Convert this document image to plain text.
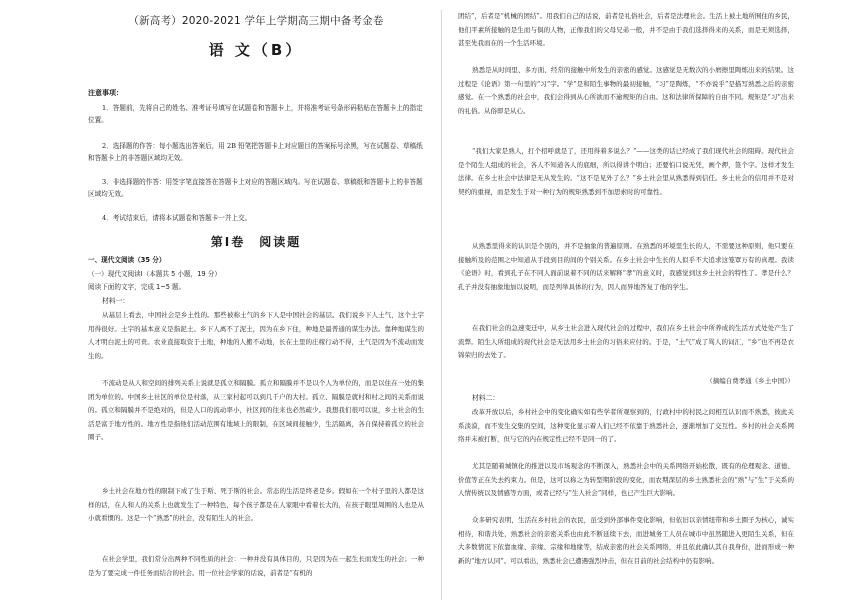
（新高考）2020-2021 学年上学期高三期中备考金卷
语 文（B）
注意事项：
1．答题前，先将自己的姓名、准考证号填写在试题卷和答题卡上，并将准考证号条形码粘贴在答题卡上的指定位置。
2．选择题的作答：每小题选出答案后，用 2B 铅笔把答题卡上对应题目的答案标号涂黑，写在试题卷、草稿纸和答题卡上的非答题区域均无效。
3．非选择题的作答：用签字笔直接答在答题卡上对应的答题区域内。写在试题卷、草稿纸和答题卡上的非答题区域均无效。
4．考试结束后，请将本试题卷和答题卡一并上交。
第Ⅰ卷　阅读题
一、现代文阅读（35 分）
（一）现代文阅读Ⅰ（本题共 5 小题，19 分）
阅读下面的文字，完成 1~5 题。
材料一：
从基层上看去，中国社会是乡土性的。那些被称土气的乡下人是中国社会的基层。我们说乡下人土气，这个土字用得很好。土字的基本意义是指泥土。乡下人离不了泥土，因为在乡下住，种地是最普通的谋生办法。靠种地谋生的人才明白泥土的可贵。农业直接取资于土地，种地的人搬不动地，长在土里的庄稼行动不得，土气是因为不流动而发生的。
不流动是从人和空间的排列关系上说就是孤立和隔膜。孤立和隔膜并不是以个人为单位的，而是以住在一处的集团为单位的。中国乡土社区的单位是村落，从三家村起可以到几千户的大村。孤立、隔膜是就村和村之间的关系而说的。孤立和隔膜并不是绝对的，但是人口的流动率小，社区间的往来也必然疏少。我想我们很可以说，乡土社会的生活是富于地方性的。地方性是指他们活动范围有地域上的限制，在区域间接触少，生活隔离，各自保持着孤立的社会圈子。
乡土社会在地方性的限制下成了生于斯、死于斯的社会。常态的生活是终老是乡。假如在一个村子里的人都是这样的话，在人和人的关系上也就发生了一种特色，每个孩子都是在人家眼中看着长大的，在孩子眼里周围的人也是从小就看惯的。这是一个“熟悉”的社会，没有陌生人的社会。
在社会学里，我们常分出两种不同性质的社会：一种并没有具体目的，只是因为在一起生长而发生的社会；一种是为了要完成一件任务而结合的社会。用一位社会学家的话说，前者是“有机的
团结”，后者是“机械的团结”。用我们自己的话说，前者是礼俗社会，后者是法理社会。生活上被土地所囿住的乡民，他们平素所接触的是生而与俱的人物，正像我们的父母兄弟一般，并不是由于我们选择得来的关系，而是无须选择，甚至先我而在的一个生活环境。
熟悉是从时间里、多方面、经常的接触中所发生的亲密的感觉。这感觉是无数次的小磨擦里陶炼出来的结果。这过程是《论语》第一句里的“习”字。“学”是和陌生事物的最初接触，“习”是陶炼，“不亦说乎”是描写熟悉之后的亲密感觉。在一个熟悉的社会中，我们会得到从心所欲而不逾规矩的自由。这和法律所保障的自由不同。规矩是“习”出来的礼俗。从俗即是从心。
“我们大家是熟人，打个招呼就是了，还用得着多说么？”——这类的话已经成了我们现代社会的阻碍。现代社会是个陌生人组成的社会，各人不知道各人的底细，所以得讲个明白；还要怕口说无凭，画个押，签个字。这样才发生法律。在乡土社会中法律是无从发生的。“这不是见外了么？”乡土社会里从熟悉得到信任。乡土社会的信用并不是对契约的重视，而是发生于对一种行为的规矩熟悉到不加思索时的可靠性。
从熟悉里得来的认识是个别的，并不是抽象的普遍原则。在熟悉的环境里生长的人，不需要这种原则，他只要在接触所及的范围之中知道从手段到目的间的个别关系。在乡土社会中生长的人似乎不大追求这笼罩万有的真理。我读《论语》时，看到孔子在不同人面前说着不同的话来解释“孝”的意义时，我感觉到这乡土社会的特性了。孝是什么？孔子并没有抽象地加以说明，而是列举具体的行为，因人而异地答复了他的学生。
在我们社会的急速变迁中，从乡土社会进入现代社会的过程中，我们在乡土社会中所养成的生活方式处处产生了流弊。陌生人所组成的现代社会是无法用乡土社会的习俗来应付的。于是，“土气”成了骂人的词汇，“乡”也不再是衣锦荣归的去处了。
（摘编自费孝通《乡土中国》）
材料二：
改革开放以后，乡村社会中的变化确实如有些学者所观察到的，行政村中的村民之间相互认识而不熟悉，彼此关系淡漠，而不发生交集的空间，这种变化显示着人们已经不依靠于熟悉社会，逐渐增加了交互性。乡村的社会关系网络并未被打断，但与它的内在规定性已经不是同一的了。
尤其是随着城镇化的推进以及市场观念的不断深入，熟悉社会中的关系网络开始松散，既有的伦理观念、道德、价值等正在失去约束力。但是，这可以称之为转型期阶段的变化，而农期深层的乡土熟悉社会的“熟”与“生”于关系的人情传统以及情感等方面，或者已经与“生人社会”同样，也已产生巨大影响。
众多研究表明，生活在乡村社会的农民，虽受到外部事件变化影响，但依旧以亲情纽带和乡土圈子为核心，诚实相待，和谐共处，熟悉社会的亲密关系也由此不断延续下去，而进城务工人员在城市中虽然随进入更陌生关系，但在大多数情况下依靠血缘、亲缘、宗缘和地缘等，结成亲密的社会关系网络，并且依此确认其自我身份，进而形成一种新的“地方认同”。可以看出，熟悉社会已遭遇强烈冲击，但在目前的社会结构中仍有影响。
